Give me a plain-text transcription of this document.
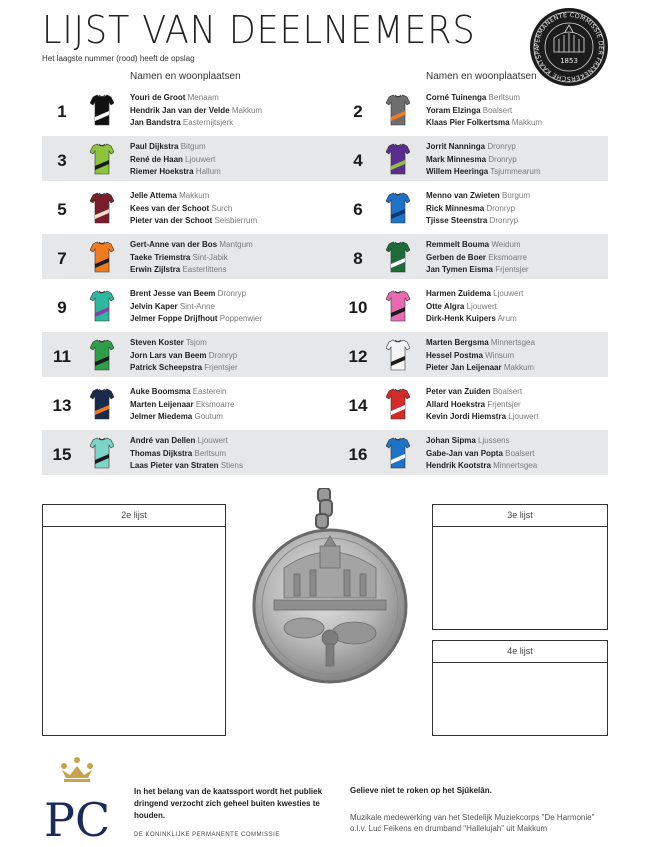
LIJST VAN DEELNEMERS
Het laagste nummer (rood) heeft de opslag
PERMANENTE COMMISSIE DER FRANEKERSCHE KAATSPA
1853
Namen en woonplaatsen	Namen en woonplaatsen
1
Youri de Groot Menaam
Hendrik Jan van der Velde Makkum
Jan Bandstra Easternijtsjerk
2
Corné Tuinenga Berltsum
Yoram Elzinga Boalsert
Klaas Pier Folkertsma Makkum
3
Paul Dijkstra Bitgum
René de Haan Ljouwert
Riemer Hoekstra Hallum
4
Jorrit Nanninga Dronryp
Mark Minnesma Dronryp
Willem Heeringa Tsjummearum
5
Jelle Attema Makkum
Kees van der Schoot Surch
Pieter van der Schoot Seisbierrum
6
Menno van Zwieten Burgum
Rick Minnesma Dronryp
Tjisse Steenstra Dronryp
7
Gert-Anne van der Bos Mantgum
Taeke Triemstra Sint-Jabik
Erwin Zijlstra Easterlittens
8
Remmelt Bouma Weidum
Gerben de Boer Eksmoarre
Jan Tymen Eisma Frjentsjer
9
Brent Jesse van Beem Dronryp
Jelvin Kaper Sint-Anne
Jelmer Foppe Drijfhout Poppenwier
10
Harmen Zuidema Ljouwert
Otte Algra Ljouwert
Dirk-Henk Kuipers Arum
11
Steven Koster Tsjom
Jorn Lars van Beem Dronryp
Patrick Scheepstra Frjentsjer
12
Marten Bergsma Minnertsgea
Hessel Postma Winsum
Pieter Jan Leijenaar Makkum
13
Auke Boomsma Easterein
Marten Leijenaar Eksmoarre
Jelmer Miedema Goutum
14
Peter van Zuiden Boalsert
Allard Hoekstra Frjentsjer
Kevin Jordi Hiemstra Ljouwert
15
André van Dellen Ljouwert
Thomas Dijkstra Berltsum
Laas Pieter van Straten Stiens
16
Johan Sipma Ljussens
Gabe-Jan van Popta Boalsert
Hendrik Kootstra Minnertsgea
2e lijst	3e lijst
4e lijst
PC
In het belang van de kaatssport wordt het publiek dringend verzocht zich geheel buiten kwesties te houden.
DE KONINKLIJKE PERMANENTE COMMISSIE
Gelieve niet te roken op het Sjûkelân.
Muzikale medewerking van het Stedelijk Muziekcorps "De Harmonie" o.l.v. Luc Feikens en drumband "Hallelujah" uit Makkum
